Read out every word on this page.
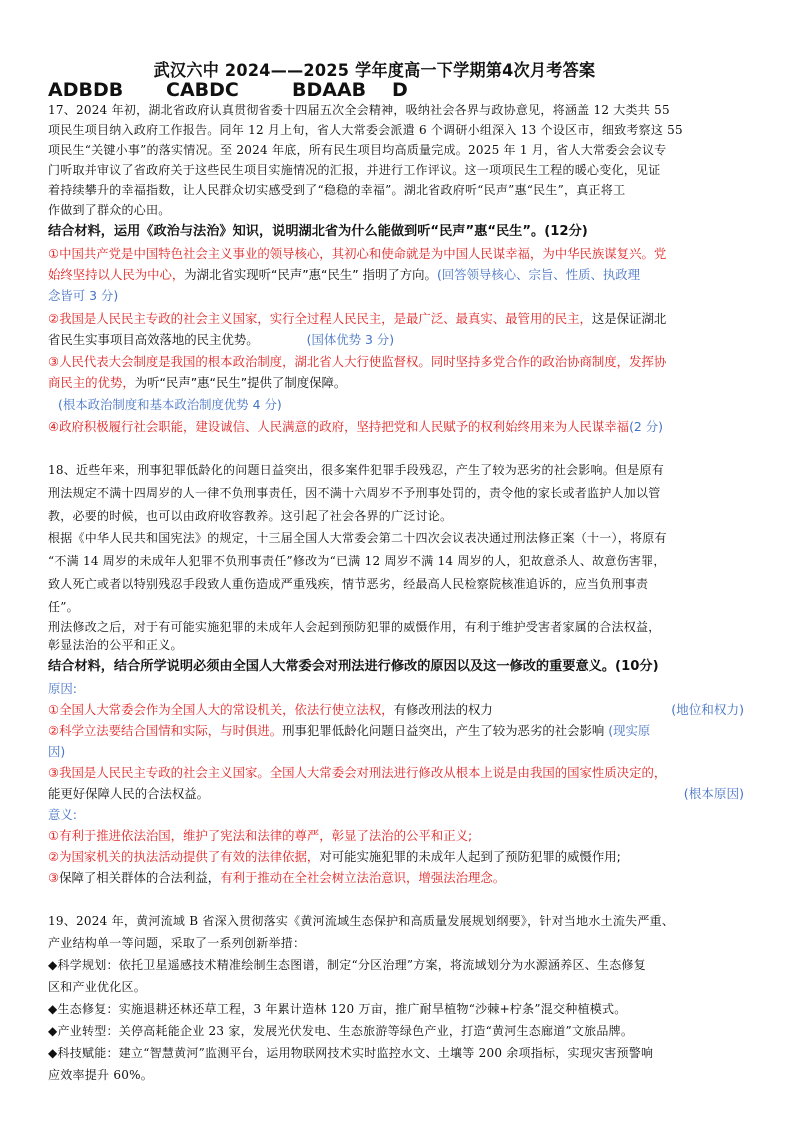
武汉六中 2024——2025 学年度高一下学期第4次月考答案
ADBDB CABDC	BDAAB D
17、2024 年初，湖北省政府认真贯彻省委十四届五次全会精神，吸纳社会各界与政协意见，将涵盖 12 大类共 55
项民生项目纳入政府工作报告。同年 12 月上旬，省人大常委会派遣 6 个调研小组深入 13 个设区市，细致考察这 55
项民生“关键小事”的落实情况。至 2024 年底，所有民生项目均高质量完成。2025 年 1 月，省人大常委会会议专
门听取并审议了省政府关于这些民生项目实施情况的汇报，并进行工作评议。这一项项民生工程的暖心变化，见证
着持续攀升的幸福指数，让人民群众切实感受到了“稳稳的幸福”。湖北省政府听“民声”惠“民生”，真正将工
作做到了群众的心田。
结合材料，运用《政治与法治》知识，说明湖北省为什么能做到听“民声”惠“民生”。(12分)
①中国共产党是中国特色社会主义事业的领导核心，其初心和使命就是为中国人民谋幸福，为中华民族谋复兴。党
始终坚持以人民为中心，为湖北省实现听“民声”惠“民生” 指明了方向。(回答领导核心、宗旨、性质、执政理
念皆可 3 分)
②我国是人民民主专政的社会主义国家，实行全过程人民民主，是最广泛、最真实、最管用的民主，这是保证湖北
省民生实事项目高效落地的民主优势。	(国体优势 3 分)
③人民代表大会制度是我国的根本政治制度，湖北省人大行使监督权。同时坚持多党合作的政治协商制度，发挥协
商民主的优势，为听“民声”惠“民生”提供了制度保障。
(根本政治制度和基本政治制度优势 4 分)
④政府积极履行社会职能，建设诚信、人民满意的政府，坚持把党和人民赋予的权利始终用来为人民谋幸福(2 分)
18、近些年来，刑事犯罪低龄化的问题日益突出，很多案件犯罪手段残忍，产生了较为恶劣的社会影响。但是原有
刑法规定不满十四周岁的人一律不负刑事责任，因不满十六周岁不予刑事处罚的，责令他的家长或者监护人加以管
教，必要的时候，也可以由政府收容教养。这引起了社会各界的广泛讨论。
根据《中华人民共和国宪法》的规定，十三届全国人大常委会第二十四次会议表决通过刑法修正案（十一），将原有
“不满 14 周岁的未成年人犯罪不负刑事责任”修改为“已满 12 周岁不满 14 周岁的人，犯故意杀人、故意伤害罪，
致人死亡或者以特别残忍手段致人重伤造成严重残疾，情节恶劣，经最高人民检察院核准追诉的，应当负刑事责
任”。
刑法修改之后，对于有可能实施犯罪的未成年人会起到预防犯罪的威慑作用，有利于维护受害者家属的合法权益，
彰显法治的公平和正义。
结合材料，结合所学说明必须由全国人大常委会对刑法进行修改的原因以及这一修改的重要意义。(10分)
原因:
①全国人大常委会作为全国人大的常设机关，依法行使立法权，有修改刑法的权力	(地位和权力)
②科学立法要结合国情和实际，与时俱进。刑事犯罪低龄化问题日益突出，产生了较为恶劣的社会影响 (现实原
因)
③我国是人民民主专政的社会主义国家。全国人大常委会对刑法进行修改从根本上说是由我国的国家性质决定的，
能更好保障人民的合法权益。	(根本原因)
意义:
①有利于推进依法治国，维护了宪法和法律的尊严，彰显了法治的公平和正义;
②为国家机关的执法活动提供了有效的法律依据，对可能实施犯罪的未成年人起到了预防犯罪的威慑作用;
③保障了相关群体的合法利益，有利于推动在全社会树立法治意识，增强法治理念。
19、2024 年，黄河流域 B 省深入贯彻落实《黄河流域生态保护和高质量发展规划纲要》，针对当地水土流失严重、
产业结构单一等问题，采取了一系列创新举措：
◆科学规划：依托卫星遥感技术精准绘制生态图谱，制定“分区治理”方案，将流域划分为水源涵养区、生态修复
区和产业优化区。
◆生态修复：实施退耕还林还草工程，3 年累计造林 120 万亩，推广耐旱植物“沙棘+柠条”混交种植模式。
◆产业转型：关停高耗能企业 23 家，发展光伏发电、生态旅游等绿色产业，打造“黄河生态廊道”文旅品牌。
◆科技赋能：建立“智慧黄河”监测平台，运用物联网技术实时监控水文、土壤等 200 余项指标，实现灾害预警响
应效率提升 60%。
